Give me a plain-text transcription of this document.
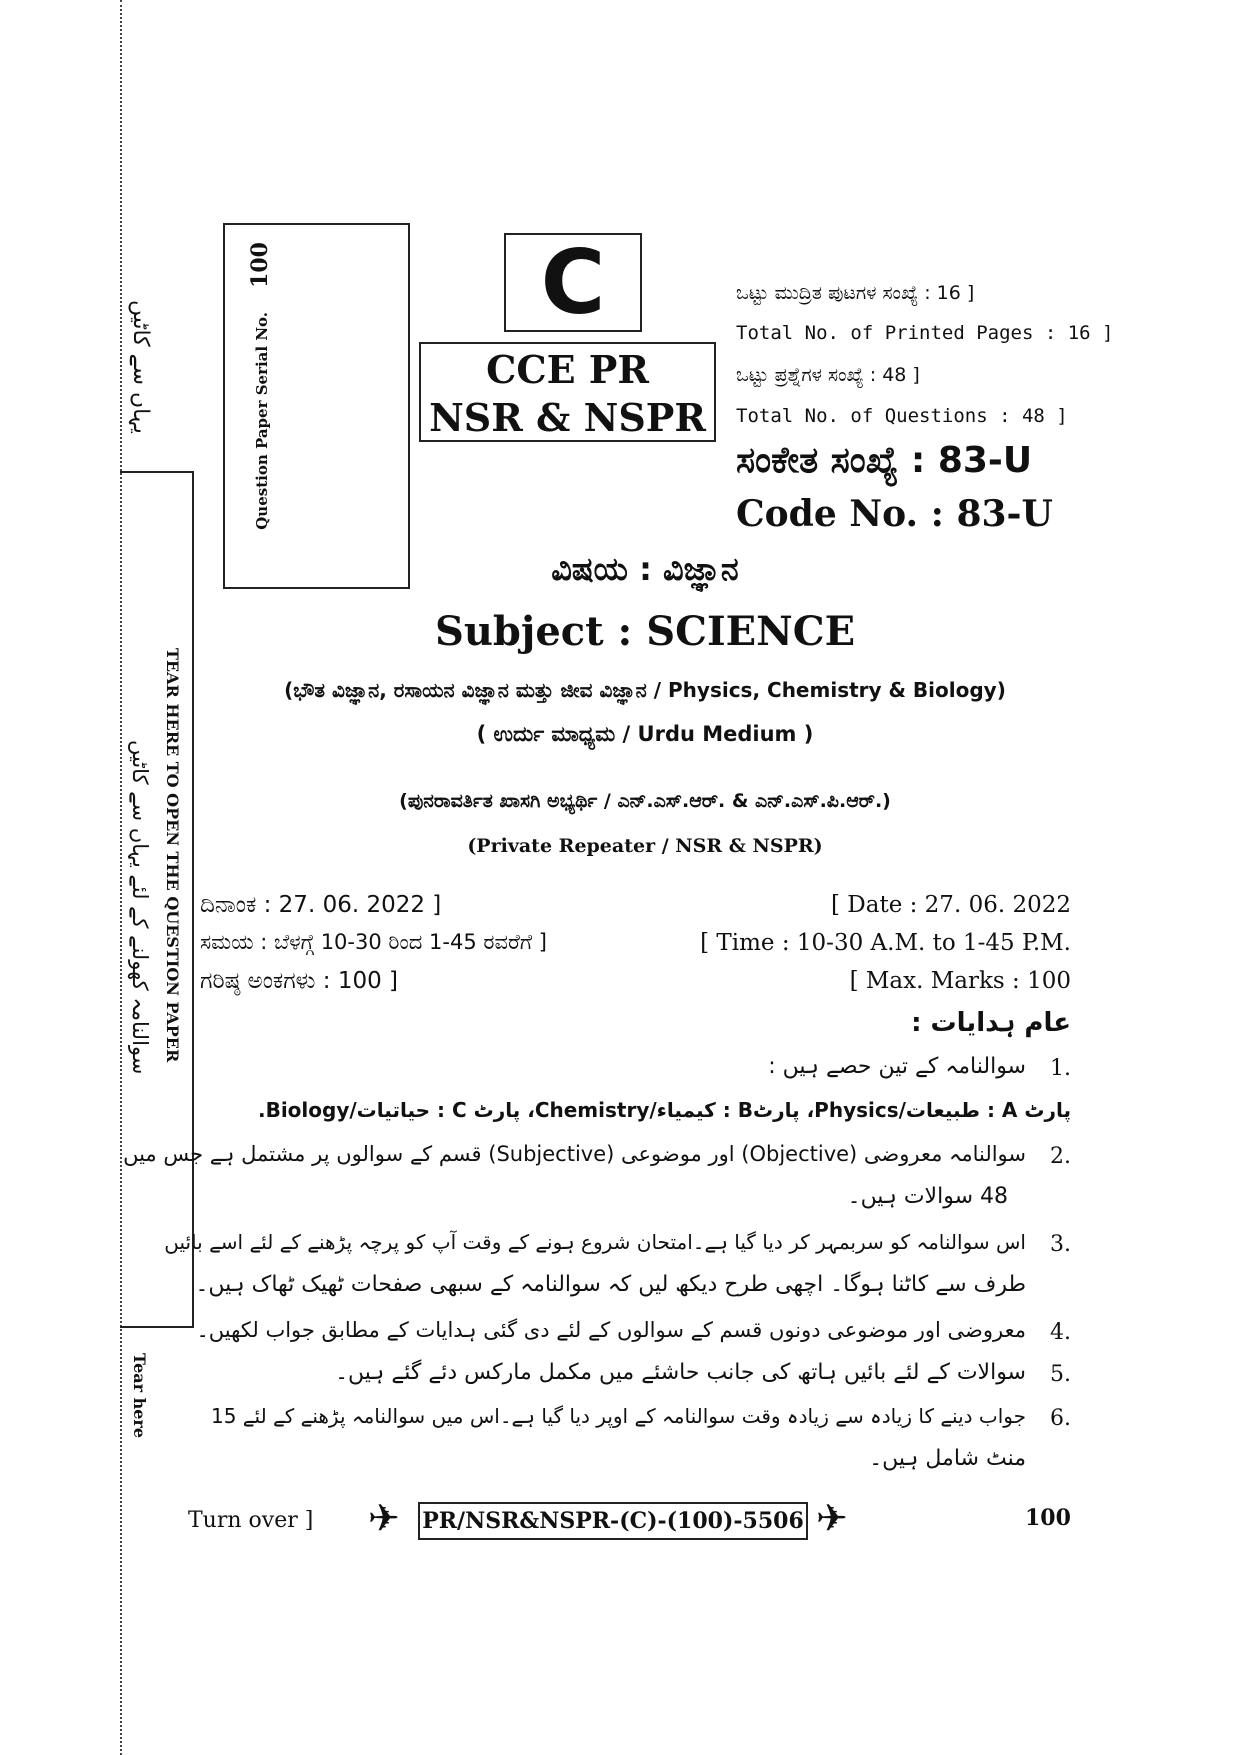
یہاں سے کاٹیں
TEAR HERE TO OPEN THE QUESTION PAPER
سوالنامہ کھولنے کے لئے یہاں سے کاٹیں
Tear here
Question Paper Serial No.
100	C
CCE PR
NSR & NSPR
ಒಟ್ಟು ಮುದ್ರಿತ ಪುಟಗಳ ಸಂಖ್ಯೆ : 16 ]
Total No. of Printed Pages : 16 ]
ಒಟ್ಟು ಪ್ರಶ್ನೆಗಳ ಸಂಖ್ಯೆ : 48 ]
Total No. of Questions : 48 ]
ಸಂಕೇತ ಸಂಖ್ಯೆ : 83-U
Code No. : 83-U
ವಿಷಯ : ವಿಜ್ಞಾನ
Subject : SCIENCE
(ಭೌತ ವಿಜ್ಞಾನ, ರಸಾಯನ ವಿಜ್ಞಾನ ಮತ್ತು ಜೀವ ವಿಜ್ಞಾನ / Physics, Chemistry & Biology)
( ಉರ್ದು ಮಾಧ್ಯಮ / Urdu Medium )
(ಪುನರಾವರ್ತಿತ ಖಾಸಗಿ ಅಭ್ಯರ್ಥಿ / ಎನ್.ಎಸ್.ಆರ್. & ಎನ್.ಎಸ್.ಪಿ.ಆರ್.)
(Private Repeater / NSR & NSPR)
ದಿನಾಂಕ : 27. 06. 2022 ]	[ Date : 27. 06. 2022
ಸಮಯ : ಬೆಳಗ್ಗೆ 10-30 ರಿಂದ 1-45 ರವರೆಗೆ ]	[ Time : 10-30 A.M. to 1-45 P.M.
ಗರಿಷ್ಠ ಅಂಕಗಳು : 100 ]	[ Max. Marks : 100
عام ہدایات :
1.
سوالنامہ کے تین حصے ہیں :
پارٹ A : طبیعات/Physics، پارٹB : کیمیاء/Chemistry، پارٹ C : حیاتیات/Biology.
2.
سوالنامہ معروضی (Objective) اور موضوعی (Subjective) قسم کے سوالوں پر مشتمل ہے جس میں
48 سوالات ہیں۔
3.
اس سوالنامہ کو سربمہر کر دیا گیا ہے۔امتحان شروع ہونے کے وقت آپ کو پرچہ پڑھنے کے لئے اسے بائیں
طرف سے کاٹنا ہوگا۔ اچھی طرح دیکھ لیں کہ سوالنامہ کے سبھی صفحات ٹھیک ٹھاک ہیں۔
4.
معروضی اور موضوعی دونوں قسم کے سوالوں کے لئے دی گئی ہدایات کے مطابق جواب لکھیں۔
5.
سوالات کے لئے بائیں ہاتھ کی جانب حاشئے میں مکمل مارکس دئے گئے ہیں۔
6.
جواب دینے کا زیادہ سے زیادہ وقت سوالنامہ کے اوپر دیا گیا ہے۔اس میں سوالنامہ پڑھنے کے لئے 15
منٹ شامل ہیں۔
Turn over ] ✈ PR/NSR&NSPR-(C)-(100)-5506 ✈	100
